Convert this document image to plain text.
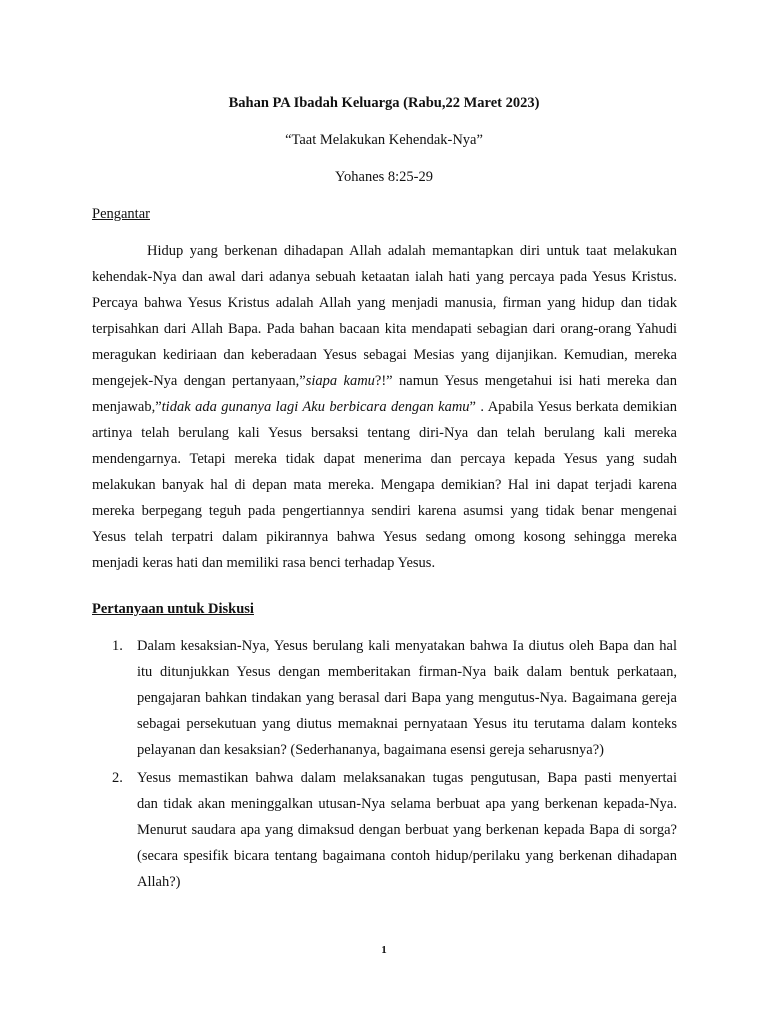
Bahan PA Ibadah Keluarga (Rabu,22 Maret 2023)
“Taat Melakukan Kehendak-Nya”
Yohanes 8:25-29
Pengantar
Hidup yang berkenan dihadapan Allah adalah memantapkan diri untuk taat melakukan
kehendak-Nya dan awal dari adanya sebuah ketaatan ialah hati yang percaya pada Yesus Kristus.
Percaya bahwa Yesus Kristus adalah Allah yang menjadi manusia, firman yang hidup dan tidak
terpisahkan dari Allah Bapa. Pada bahan bacaan kita mendapati sebagian dari orang-orang Yahudi
meragukan kediriaan dan keberadaan Yesus sebagai Mesias yang dijanjikan. Kemudian, mereka
mengejek-Nya dengan pertanyaan,”siapa kamu?!” namun Yesus mengetahui isi hati mereka dan
menjawab,”tidak ada gunanya lagi Aku berbicara dengan kamu” . Apabila Yesus berkata demikian
artinya telah berulang kali Yesus bersaksi tentang diri-Nya dan telah berulang kali mereka
mendengarnya. Tetapi mereka tidak dapat menerima dan percaya kepada Yesus yang sudah
melakukan banyak hal di depan mata mereka. Mengapa demikian? Hal ini dapat terjadi karena
mereka berpegang teguh pada pengertiannya sendiri karena asumsi yang tidak benar mengenai
Yesus telah terpatri dalam pikirannya bahwa Yesus sedang omong kosong sehingga mereka
menjadi keras hati dan memiliki rasa benci terhadap Yesus.
Pertanyaan untuk Diskusi
1. Dalam kesaksian-Nya, Yesus berulang kali menyatakan bahwa Ia diutus oleh Bapa dan hal
itu ditunjukkan Yesus dengan memberitakan firman-Nya baik dalam bentuk perkataan,
pengajaran bahkan tindakan yang berasal dari Bapa yang mengutus-Nya. Bagaimana gereja
sebagai persekutuan yang diutus memaknai pernyataan Yesus itu terutama dalam konteks
pelayanan dan kesaksian? (Sederhananya, bagaimana esensi gereja seharusnya?)
2. Yesus memastikan bahwa dalam melaksanakan tugas pengutusan, Bapa pasti menyertai
dan tidak akan meninggalkan utusan-Nya selama berbuat apa yang berkenan kepada-Nya.
Menurut saudara apa yang dimaksud dengan berbuat yang berkenan kepada Bapa di sorga?
(secara spesifik bicara tentang bagaimana contoh hidup/perilaku yang berkenan dihadapan
Allah?)
1
